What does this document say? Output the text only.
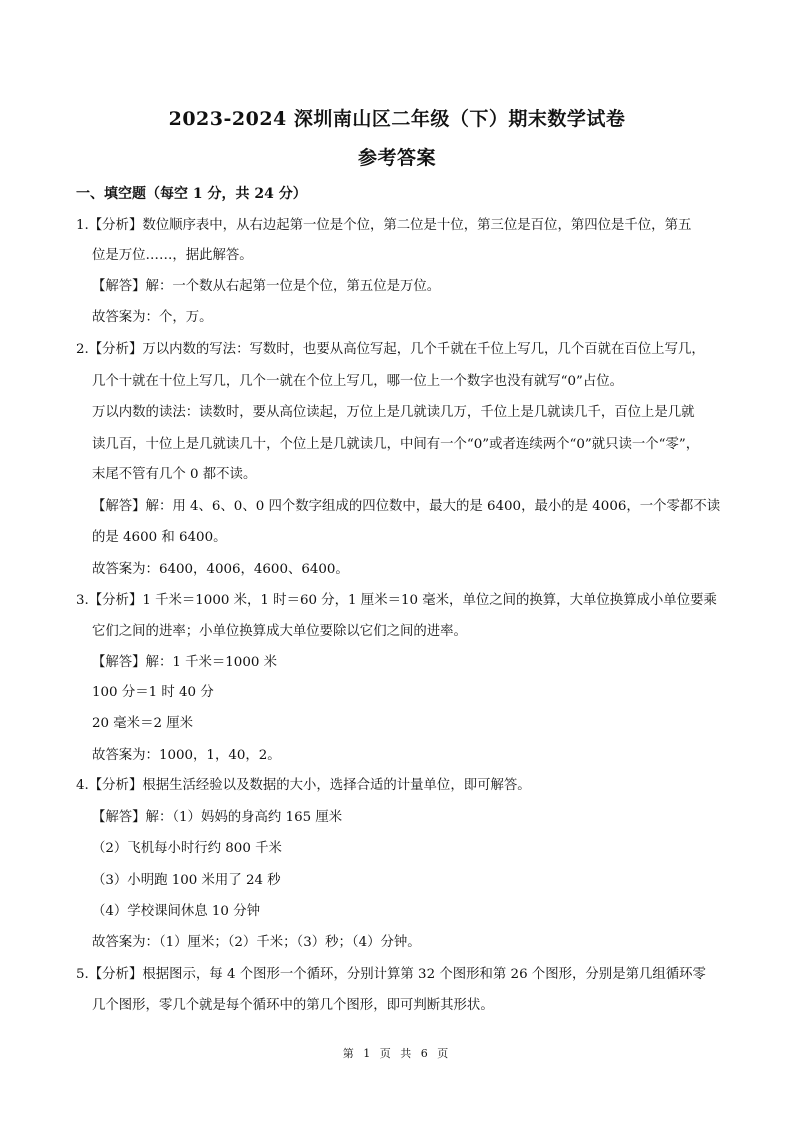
2023-2024 深圳南山区二年级（下）期末数学试卷
参考答案
一、填空题（每空 1 分，共 24 分）
1.【分析】数位顺序表中，从右边起第一位是个位，第二位是十位，第三位是百位，第四位是千位，第五
位是万位……，据此解答。
【解答】解：一个数从右起第一位是个位，第五位是万位。
故答案为：个，万。
2.【分析】万以内数的写法：写数时，也要从高位写起，几个千就在千位上写几，几个百就在百位上写几，
几个十就在十位上写几，几个一就在个位上写几，哪一位上一个数字也没有就写“0”占位。
万以内数的读法：读数时，要从高位读起，万位上是几就读几万，千位上是几就读几千，百位上是几就
读几百，十位上是几就读几十，个位上是几就读几，中间有一个“0”或者连续两个“0”就只读一个“零”，
末尾不管有几个 0 都不读。
【解答】解：用 4、6、0、0 四个数字组成的四位数中，最大的是 6400，最小的是 4006，一个零都不读
的是 4600 和 6400。
故答案为：6400，4006，4600、6400。
3.【分析】1 千米＝1000 米，1 时＝60 分，1 厘米＝10 毫米，单位之间的换算，大单位换算成小单位要乘
它们之间的进率；小单位换算成大单位要除以它们之间的进率。
【解答】解：1 千米＝1000 米
100 分＝1 时 40 分
20 毫米＝2 厘米
故答案为：1000，1，40，2。
4.【分析】根据生活经验以及数据的大小，选择合适的计量单位，即可解答。
【解答】解：（1）妈妈的身高约 165 厘米
（2）飞机每小时行约 800 千米
（3）小明跑 100 米用了 24 秒
（4）学校课间休息 10 分钟
故答案为：（1）厘米；（2）千米；（3）秒；（4）分钟。
5.【分析】根据图示，每 4 个图形一个循环，分别计算第 32 个图形和第 26 个图形，分别是第几组循环零
几个图形，零几个就是每个循环中的第几个图形，即可判断其形状。
第 1 页 共 6 页
